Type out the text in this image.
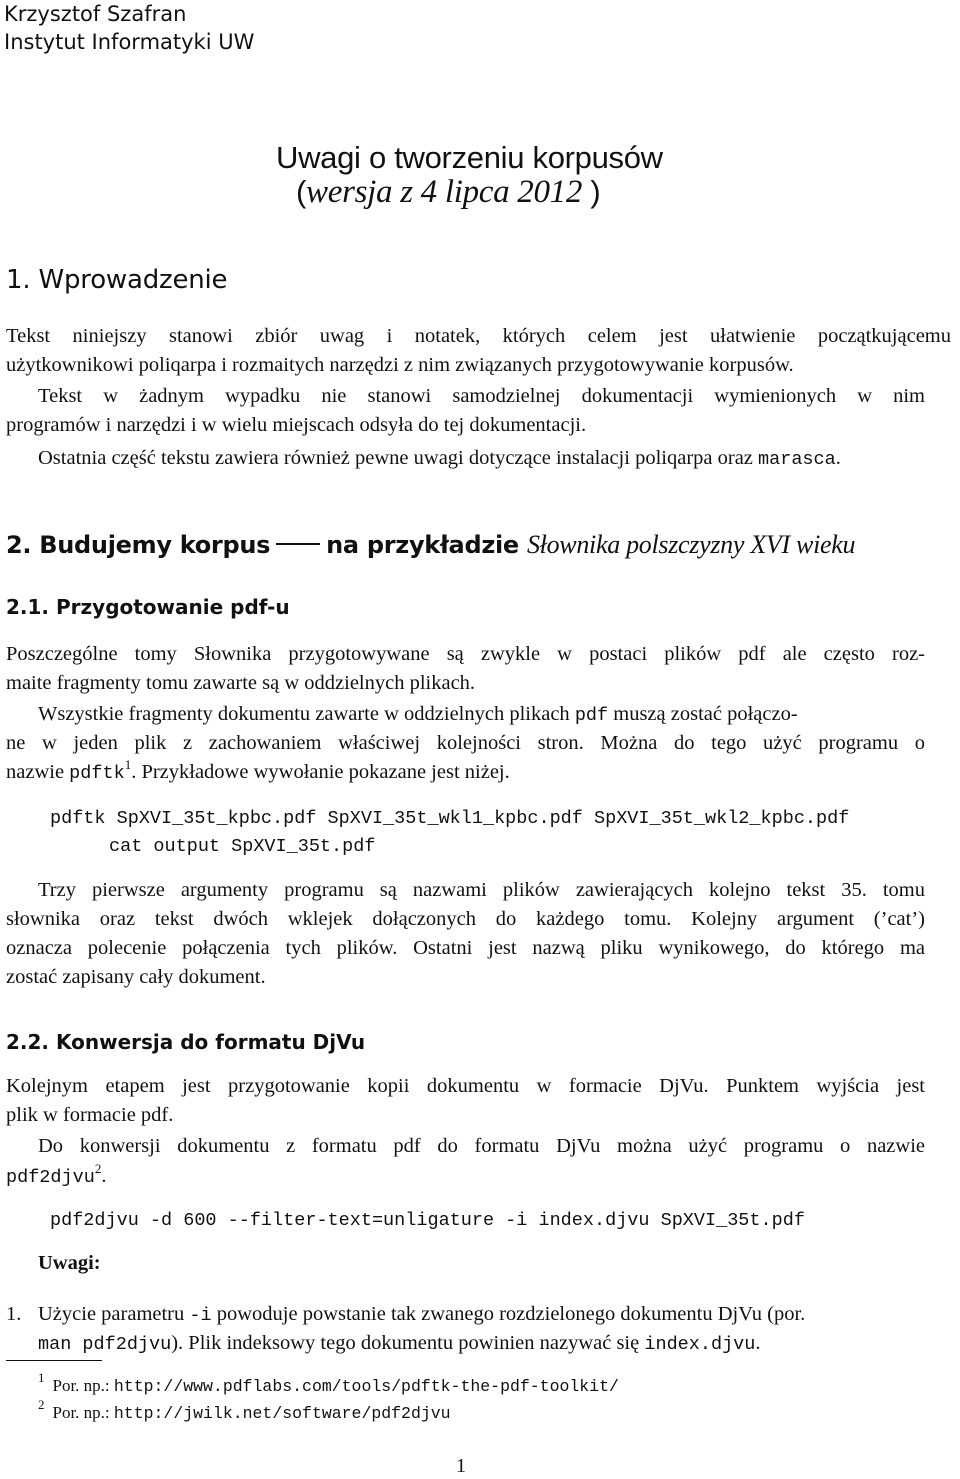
Krzysztof Szafran
Instytut Informatyki UW
Uwagi o tworzeniu korpusów
(wersja z 4 lipca 2012 )
1. Wprowadzenie
Tekst niniejszy stanowi zbiór uwag i notatek, których celem jest ułatwienie początkującemu
użytkownikowi poliqarpa i rozmaitych narzędzi z nim związanych przygotowywanie korpusów.
Tekst w żadnym wypadku nie stanowi samodzielnej dokumentacji wymienionych w nim
programów i narzędzi i w wielu miejscach odsyła do tej dokumentacji.
Ostatnia część tekstu zawiera również pewne uwagi dotyczące instalacji poliqarpa oraz marasca.
2. Budujemy korpus na przykładzie Słownika polszczyzny XVI wieku
2.1. Przygotowanie pdf-u
Poszczególne tomy Słownika przygotowywane są zwykle w postaci plików pdf ale często roz-
maite fragmenty tomu zawarte są w oddzielnych plikach.
Wszystkie fragmenty dokumentu zawarte w oddzielnych plikach pdf muszą zostać połączo-
ne w jeden plik z zachowaniem właściwej kolejności stron. Można do tego użyć programu o
nazwie pdftk$^1$. Przykładowe wywołanie pokazane jest niżej.
pdftk SpXVI_35t_kpbc.pdf SpXVI_35t_wkl1_kpbc.pdf SpXVI_35t_wkl2_kpbc.pdf
cat output SpXVI_35t.pdf
Trzy pierwsze argumenty programu są nazwami plików zawierających kolejno tekst 35. tomu
słownika oraz tekst dwóch wklejek dołączonych do każdego tomu. Kolejny argument (’cat’)
oznacza polecenie połączenia tych plików. Ostatni jest nazwą pliku wynikowego, do którego ma
zostać zapisany cały dokument.
2.2. Konwersja do formatu DjVu
Kolejnym etapem jest przygotowanie kopii dokumentu w formacie DjVu. Punktem wyjścia jest
plik w formacie pdf.
Do konwersji dokumentu z formatu pdf do formatu DjVu można użyć programu o nazwie
pdf2djvu$^2$.
pdf2djvu -d 600 --filter-text=unligature -i index.djvu SpXVI_35t.pdf
Uwagi:
1. Użycie parametru -i powoduje powstanie tak zwanego rozdzielonego dokumentu DjVu (por.
man pdf2djvu). Plik indeksowy tego dokumentu powinien nazywać się index.djvu.
$^1$ Por. np.: http://www.pdflabs.com/tools/pdftk-the-pdf-toolkit/
$^2$ Por. np.: http://jwilk.net/software/pdf2djvu
1
